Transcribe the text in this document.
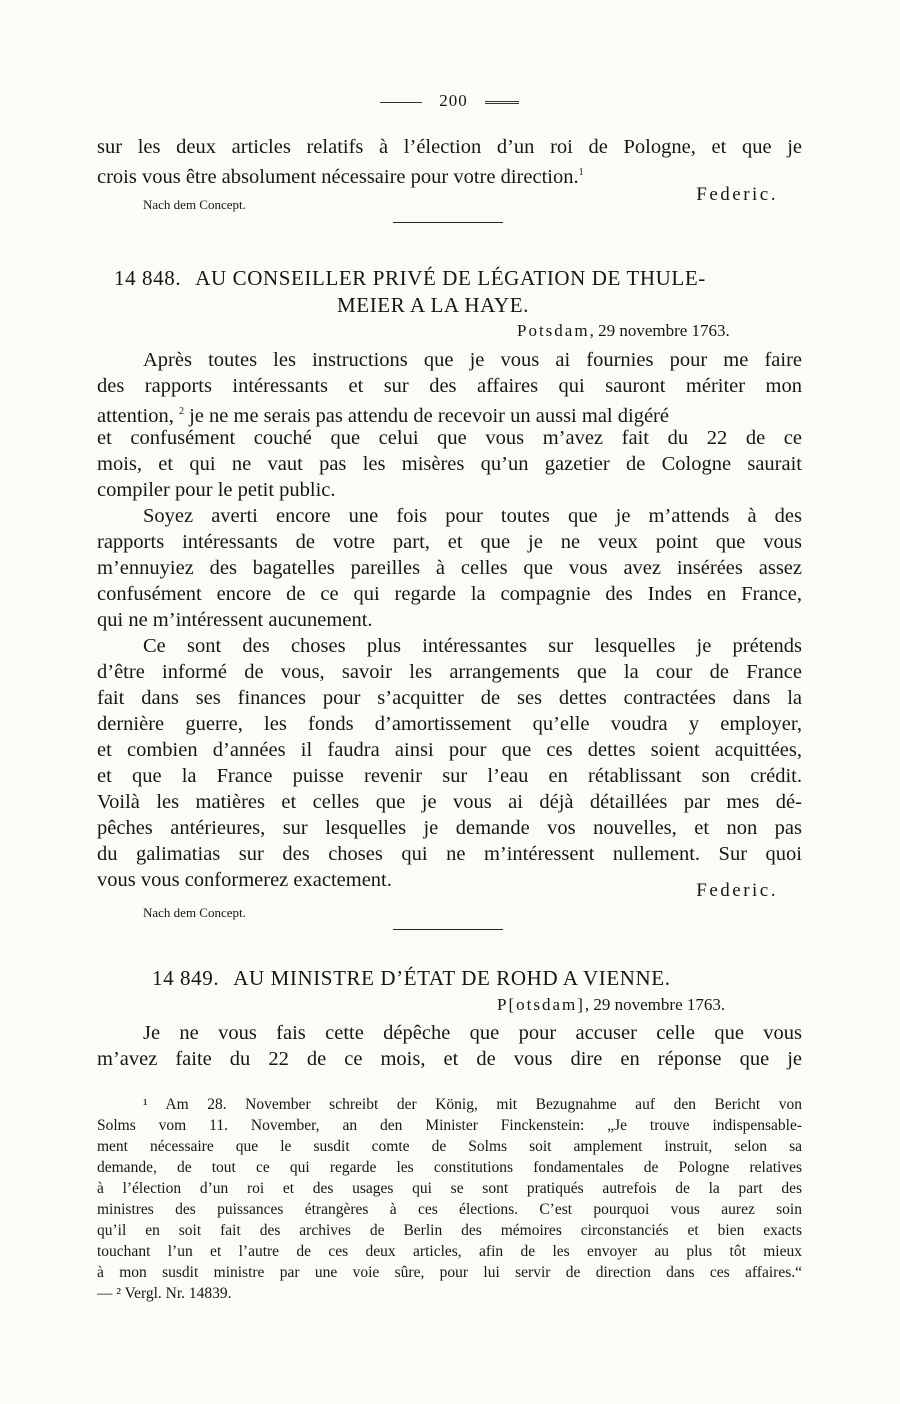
200
sur les deux articles relatifs à l’élection d’un roi de Pologne, et que je
crois vous être absolument nécessaire pour votre direction.$^1$
Nach dem Concept.	Federic.
14 848. AU CONSEILLER PRIVÉ DE LÉGATION DE THULE-
MEIER A LA HAYE.
Potsdam, 29 novembre 1763.
Après toutes les instructions que je vous ai fournies pour me faire
des rapports intéressants et sur des affaires qui sauront mériter mon
attention, $^2$ je ne me serais pas attendu de recevoir un aussi mal digéré
et confusément couché que celui que vous m’avez fait du 22 de ce
mois, et qui ne vaut pas les misères qu’un gazetier de Cologne saurait
compiler pour le petit public.
Soyez averti encore une fois pour toutes que je m’attends à des
rapports intéressants de votre part, et que je ne veux point que vous
m’ennuyiez des bagatelles pareilles à celles que vous avez insérées assez
confusément encore de ce qui regarde la compagnie des Indes en France,
qui ne m’intéressent aucunement.
Ce sont des choses plus intéressantes sur lesquelles je prétends
d’être informé de vous, savoir les arrangements que la cour de France
fait dans ses finances pour s’acquitter de ses dettes contractées dans la
dernière guerre, les fonds d’amortissement qu’elle voudra y employer,
et combien d’années il faudra ainsi pour que ces dettes soient acquittées,
et que la France puisse revenir sur l’eau en rétablissant son crédit.
Voilà les matières et celles que je vous ai déjà détaillées par mes dé-
pêches antérieures, sur lesquelles je demande vos nouvelles, et non pas
du galimatias sur des choses qui ne m’intéressent nullement. Sur quoi
vous vous conformerez exactement.	Federic.
Nach dem Concept.
14 849. AU MINISTRE D’ÉTAT DE ROHD A VIENNE.
P[otsdam], 29 novembre 1763.
Je ne vous fais cette dépêche que pour accuser celle que vous
m’avez faite du 22 de ce mois, et de vous dire en réponse que je
¹ Am 28. November schreibt der König, mit Bezugnahme auf den Bericht von
Solms vom 11. November, an den Minister Finckenstein: „Je trouve indispensable-
ment nécessaire que le susdit comte de Solms soit amplement instruit, selon sa
demande, de tout ce qui regarde les constitutions fondamentales de Pologne relatives
à l’élection d’un roi et des usages qui se sont pratiqués autrefois de la part des
ministres des puissances étrangères à ces élections. C’est pourquoi vous aurez soin
qu’il en soit fait des archives de Berlin des mémoires circonstanciés et bien exacts
touchant l’un et l’autre de ces deux articles, afin de les envoyer au plus tôt mieux
à mon susdit ministre par une voie sûre, pour lui servir de direction dans ces affaires.“
— ² Vergl. Nr. 14839.
